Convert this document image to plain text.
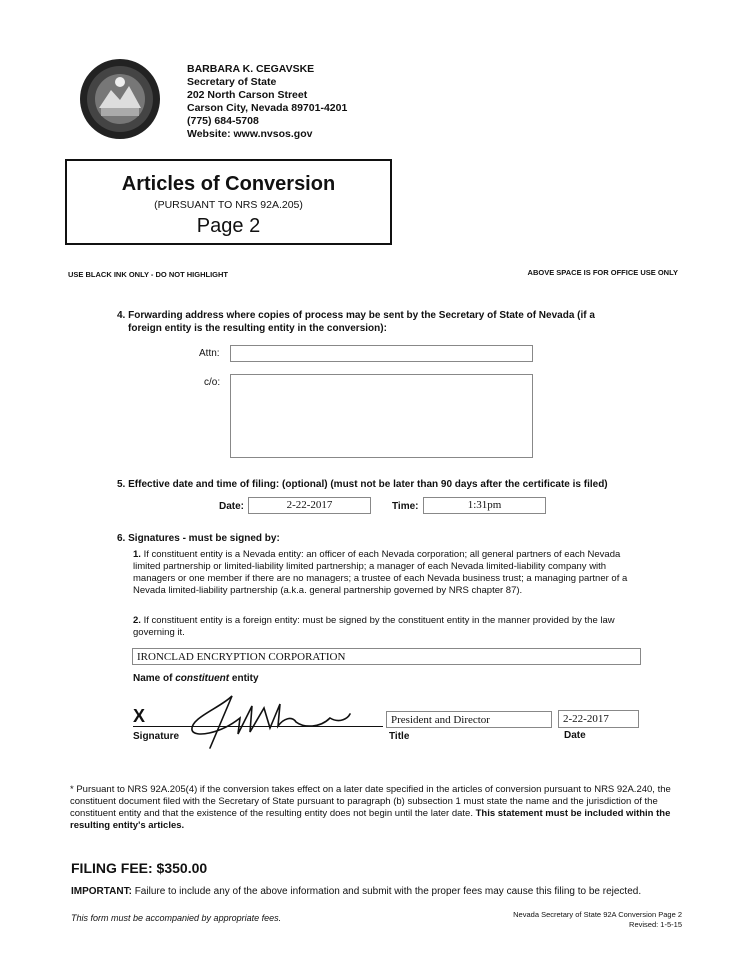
BARBARA K. CEGAVSKE
Secretary of State
202 North Carson Street
Carson City, Nevada 89701-4201
(775) 684-5708
Website: www.nvsos.gov
Articles of Conversion
(PURSUANT TO NRS 92A.205)
Page 2
USE BLACK INK ONLY - DO NOT HIGHLIGHT	ABOVE SPACE IS FOR OFFICE USE ONLY
4. Forwarding address where copies of process may be sent by the Secretary of State of Nevada (if a
foreign entity is the resulting entity in the conversion):
Attn:
c/o:
5. Effective date and time of filing: (optional) (must not be later than 90 days after the certificate is filed)
Date:	2-22-2017	Time:	1:31pm
6. Signatures - must be signed by:
1. If constituent entity is a Nevada entity: an officer of each Nevada corporation; all general partners of each Nevada limited partnership or limited-liability limited partnership; a manager of each Nevada limited-liability company with managers or one member if there are no managers; a trustee of each Nevada business trust; a managing partner of a Nevada limited-liability partnership (a.k.a. general partnership governed by NRS chapter 87).
2. If constituent entity is a foreign entity: must be signed by the constituent entity in the manner provided by the law governing it.
IRONCLAD ENCRYPTION CORPORATION
Name of constituent entity
X
Signature
President and Director
Title
2-22-2017
Date
* Pursuant to NRS 92A.205(4) if the conversion takes effect on a later date specified in the articles of conversion pursuant to NRS 92A.240, the constituent document filed with the Secretary of State pursuant to paragraph (b) subsection 1 must state the name and the jurisdiction of the constituent entity and that the existence of the resulting entity does not begin until the later date. This statement must be included within the resulting entity's articles.
FILING FEE: $350.00
IMPORTANT: Failure to include any of the above information and submit with the proper fees may cause this filing to be rejected.
This form must be accompanied by appropriate fees.	Nevada Secretary of State 92A Conversion Page 2
Revised: 1-5-15
